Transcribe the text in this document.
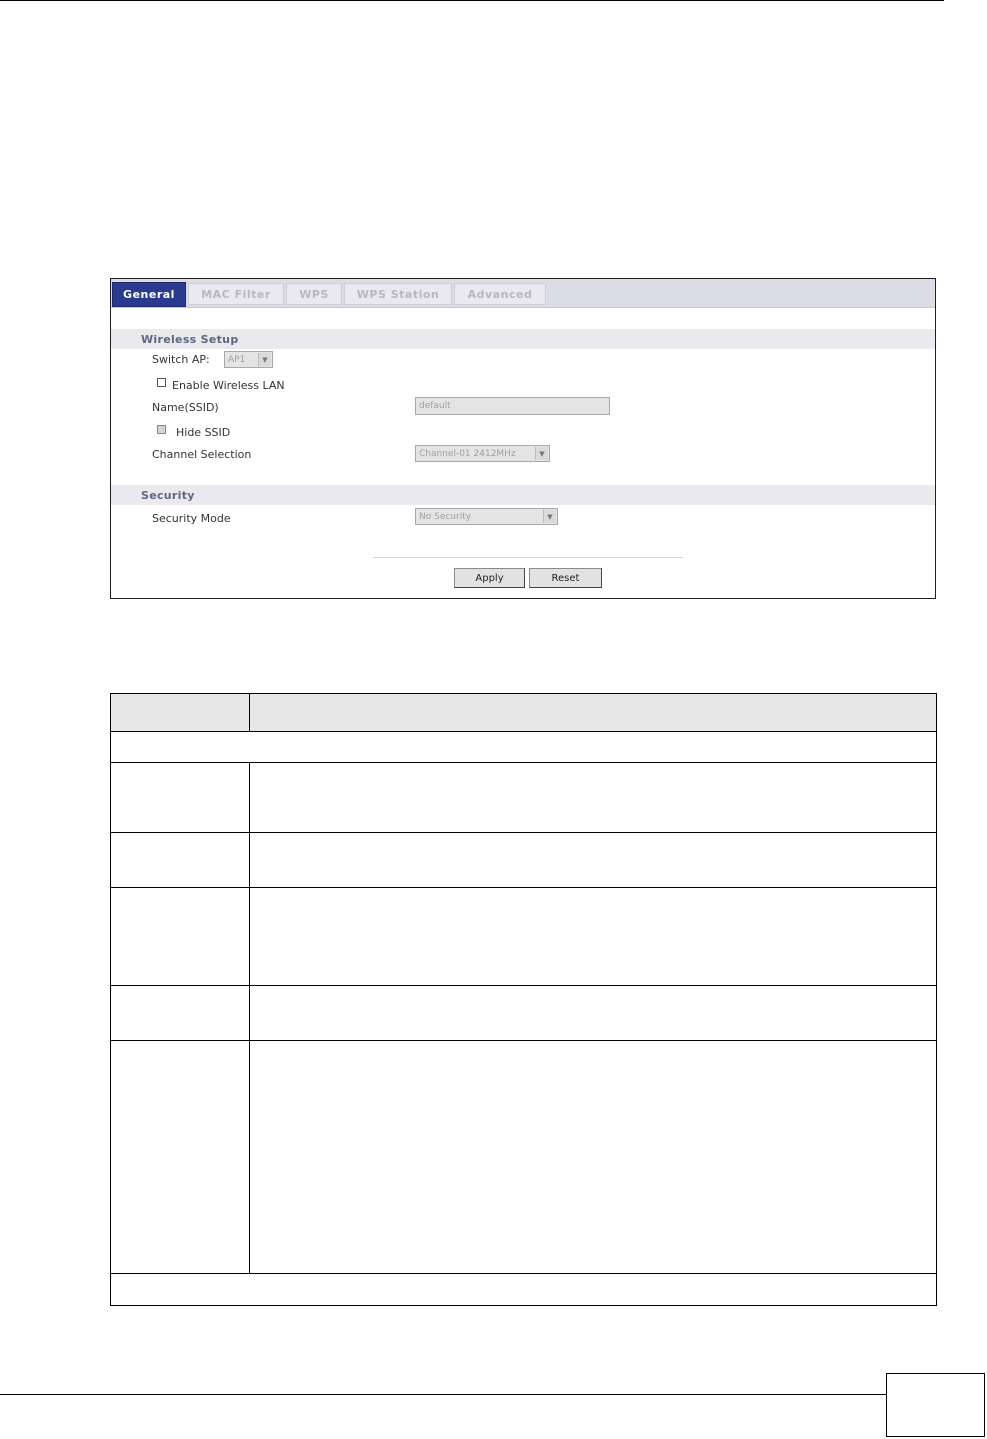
General	MAC Filter	WPS	WPS Station	Advanced
Wireless Setup
Switch AP: AP1	▼
Enable Wireless LAN
Name(SSID)	default
Hide SSID
Channel Selection	Channel-01 2412MHz	▼
Security
Security Mode	No Security	▼
Apply	Reset
